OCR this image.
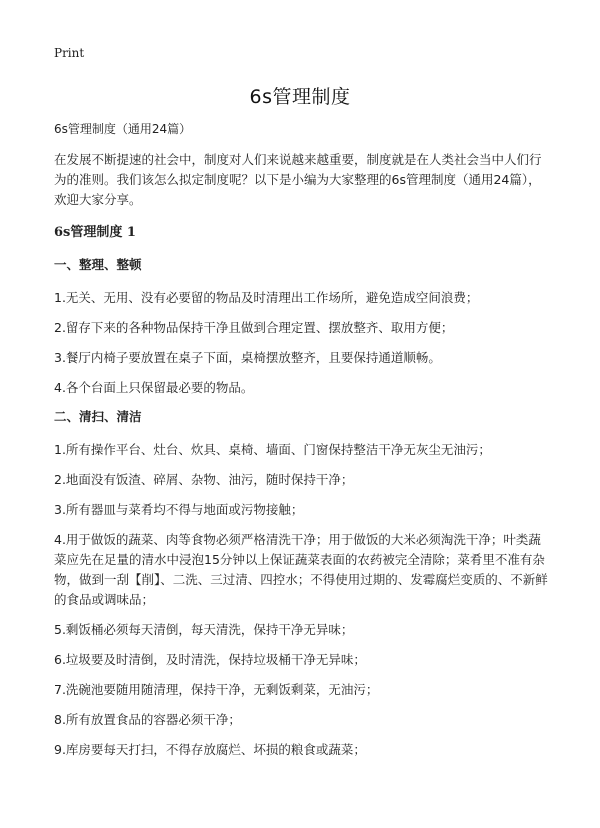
Print
6s管理制度

6s管理制度（通用24篇）

在发展不断提速的社会中，制度对人们来说越来越重要，制度就是在人类社会当中人们行为的准则。我们该怎么拟定制度呢？以下是小编为大家整理的6s管理制度（通用24篇），欢迎大家分享。

6s管理制度 1

一、整理、整顿

1.无关、无用、没有必要留的物品及时清理出工作场所，避免造成空间浪费；

2.留存下来的各种物品保持干净且做到合理定置、摆放整齐、取用方便；

3.餐厅内椅子要放置在桌子下面，桌椅摆放整齐，且要保持通道顺畅。

4.各个台面上只保留最必要的物品。

二、清扫、清洁

1.所有操作平台、灶台、炊具、桌椅、墙面、门窗保持整洁干净无灰尘无油污；

2.地面没有饭渣、碎屑、杂物、油污，随时保持干净；

3.所有器皿与菜肴均不得与地面或污物接触；

4.用于做饭的蔬菜、肉等食物必须严格清洗干净；用于做饭的大米必须淘洗干净；叶类蔬菜应先在足量的清水中浸泡15分钟以上保证蔬菜表面的农药被完全清除；菜肴里不准有杂物，做到一刮【削】、二洗、三过清、四控水；不得使用过期的、发霉腐烂变质的、不新鲜的食品或调味品；

5.剩饭桶必须每天清倒，每天清洗，保持干净无异味；

6.垃圾要及时清倒，及时清洗，保持垃圾桶干净无异味；

7.洗碗池要随用随清理，保持干净，无剩饭剩菜，无油污；

8.所有放置食品的容器必须干净；

9.库房要每天打扫，不得存放腐烂、坏损的粮食或蔬菜；
